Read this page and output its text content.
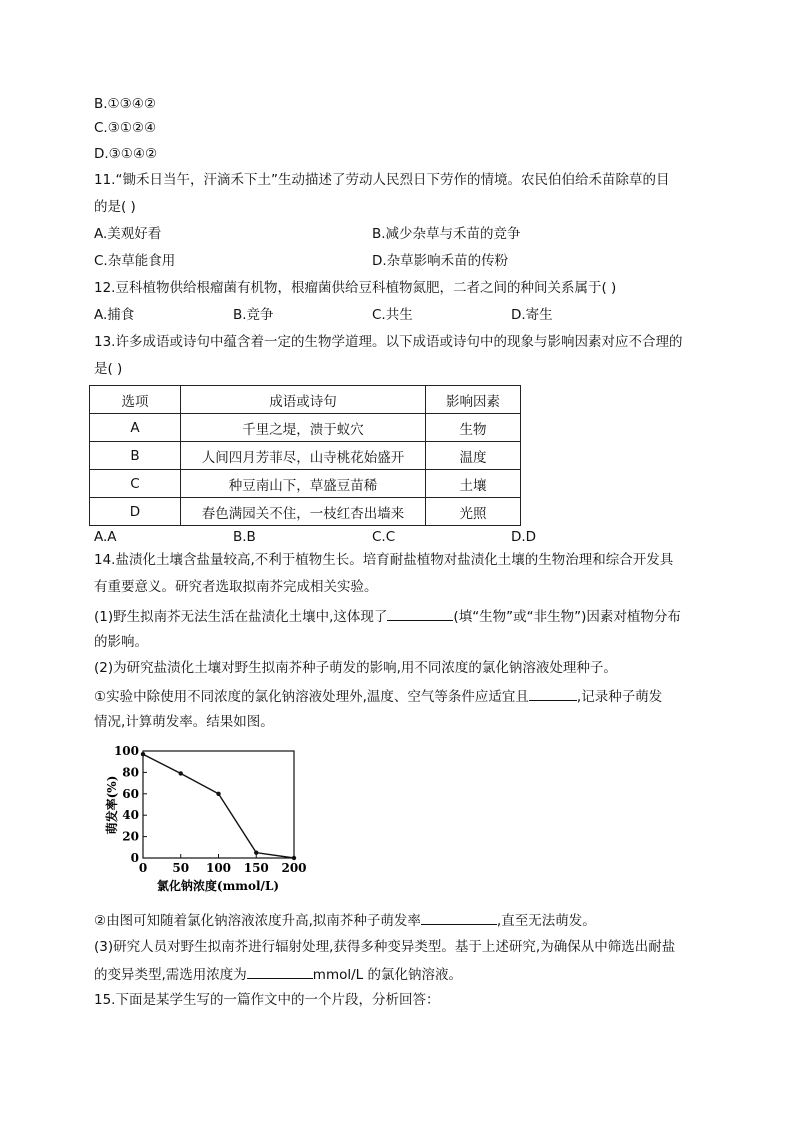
B.①③④②
C.③①②④
D.③①④②
11.“锄禾日当午，汗滴禾下土”生动描述了劳动人民烈日下劳作的情境。农民伯伯给禾苗除草的目
的是( )
A.美观好看	B.减少杂草与禾苗的竞争
C.杂草能食用	D.杂草影响禾苗的传粉
12.豆科植物供给根瘤菌有机物，根瘤菌供给豆科植物氮肥，二者之间的种间关系属于( )
A.捕食	B.竞争	C.共生	D.寄生
13.许多成语或诗句中蕴含着一定的生物学道理。以下成语或诗句中的现象与影响因素对应不合理的
是( )
选项	成语或诗句	影响因素
A	千里之堤，溃于蚁穴	生物
B	人间四月芳菲尽，山寺桃花始盛开	温度
C	种豆南山下，草盛豆苗稀	土壤
D	春色满园关不住，一枝红杏出墙来	光照
A.A	B.B	C.C	D.D
14.盐渍化土壤含盐量较高,不利于植物生长。培育耐盐植物对盐渍化土壤的生物治理和综合开发具
有重要意义。研究者选取拟南芥完成相关实验。
(1)野生拟南芥无法生活在盐渍化土壤中,这体现了	(填“生物”或“非生物”)因素对植物分布
的影响。
(2)为研究盐渍化土壤对野生拟南芥种子萌发的影响,用不同浓度的氯化钠溶液处理种子。
①实验中除使用不同浓度的氯化钠溶液处理外,温度、空气等条件应适宜且	,记录种子萌发
情况,计算萌发率。结果如图。
0
20
40
60
80
100
0 50 100 150 200
萌发率(%)
氯化钠浓度(mmol/L)
②由图可知随着氯化钠溶液浓度升高,拟南芥种子萌发率	,直至无法萌发。
(3)研究人员对野生拟南芥进行辐射处理,获得多种变异类型。基于上述研究,为确保从中筛选出耐盐
的变异类型,需选用浓度为	mmol/L 的氯化钠溶液。
15.下面是某学生写的一篇作文中的一个片段，分析回答：
